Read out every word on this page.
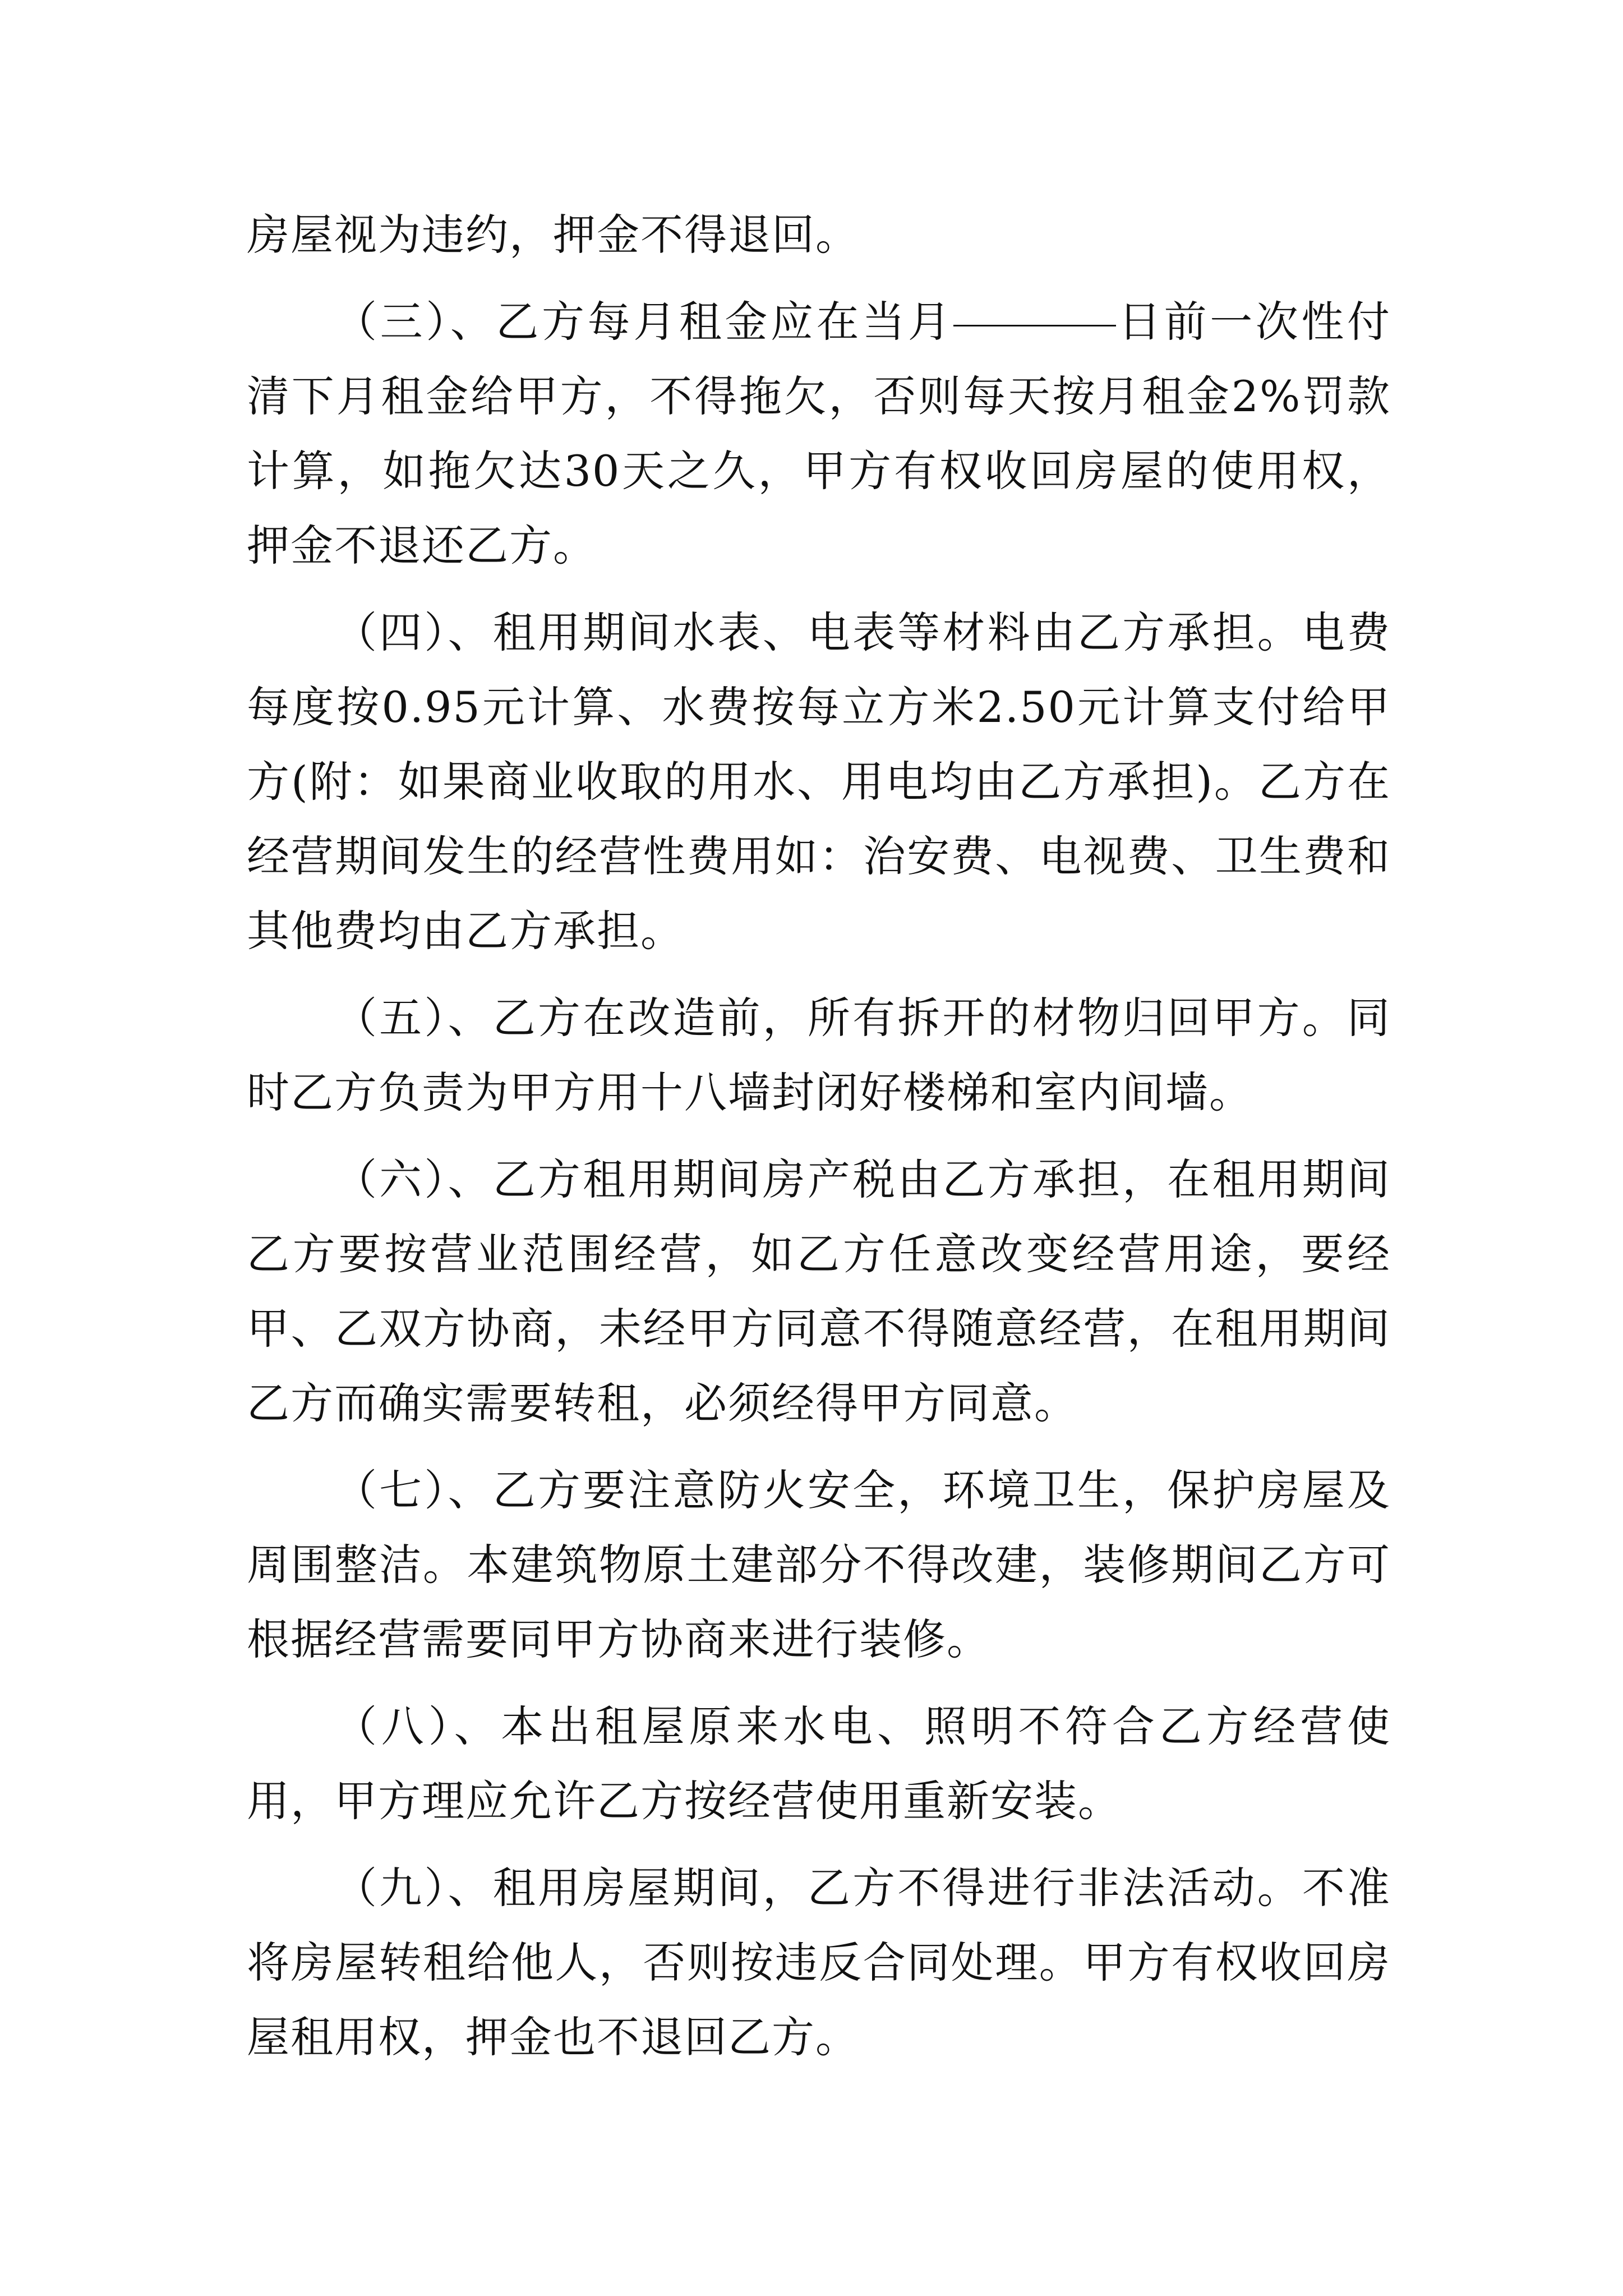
房屋视为违约，押金不得退回。

（三）、乙方每月租金应在当月	日前一次性付清下月租金给甲方，不得拖欠，否则每天按月租金2%罚款计算，如拖欠达30天之久，甲方有权收回房屋的使用权，押金不退还乙方。

（四）、租用期间水表、电表等材料由乙方承担。电费每度按0.95元计算、水费按每立方米2.50元计算支付给甲方(附：如果商业收取的用水、用电均由乙方承担)。乙方在经营期间发生的经营性费用如：治安费、电视费、卫生费和其他费均由乙方承担。

（五）、乙方在改造前，所有拆开的材物归回甲方。同时乙方负责为甲方用十八墙封闭好楼梯和室内间墙。

（六）、乙方租用期间房产税由乙方承担，在租用期间乙方要按营业范围经营，如乙方任意改变经营用途，要经甲、乙双方协商，未经甲方同意不得随意经营，在租用期间乙方而确实需要转租，必须经得甲方同意。

（七）、乙方要注意防火安全，环境卫生，保护房屋及周围整洁。本建筑物原土建部分不得改建，装修期间乙方可根据经营需要同甲方协商来进行装修。

（八）、本出租屋原来水电、照明不符合乙方经营使用，甲方理应允许乙方按经营使用重新安装。

（九）、租用房屋期间，乙方不得进行非法活动。不准将房屋转租给他人，否则按违反合同处理。甲方有权收回房屋租用权，押金也不退回乙方。
